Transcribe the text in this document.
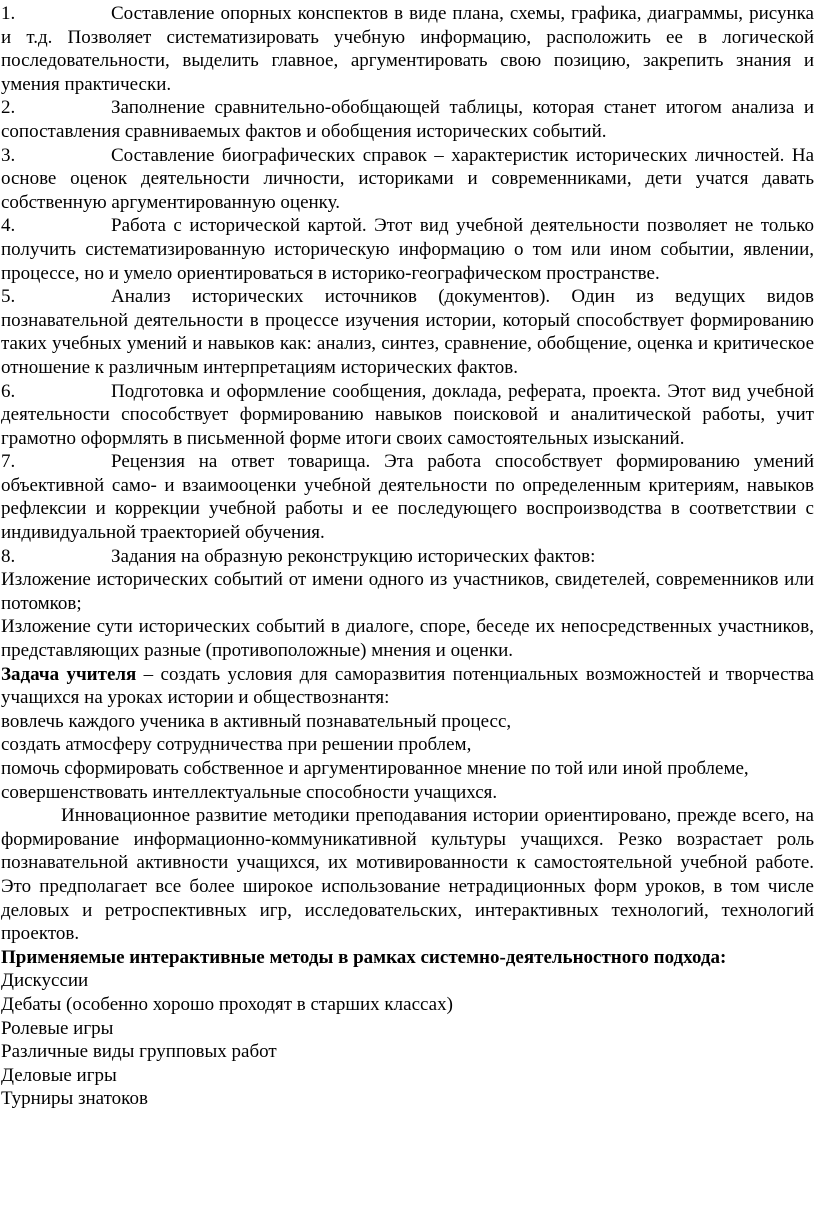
1.	Составление опорных конспектов в виде плана, схемы, графика, диаграммы, рисунка и т.д. Позволяет систематизировать учебную информацию, расположить ее в логической последовательности, выделить главное, аргументировать свою позицию, закрепить знания и умения практически.

2.	Заполнение сравнительно-обобщающей таблицы, которая станет итогом анализа и сопоставления сравниваемых фактов и обобщения исторических событий.

3.	Составление биографических справок – характеристик исторических личностей. На основе оценок деятельности личности, историками и современниками, дети учатся давать собственную аргументированную оценку.

4.	Работа с исторической картой. Этот вид учебной деятельности позволяет не только получить систематизированную историческую информацию о том или ином событии, явлении, процессе, но и умело ориентироваться в историко-географическом пространстве.

5.	Анализ исторических источников (документов). Один из ведущих видов познавательной деятельности в процессе изучения истории, который способствует формированию таких учебных умений и навыков как: анализ, синтез, сравнение, обобщение, оценка и критическое отношение к различным интерпретациям исторических фактов.

6.	Подготовка и оформление сообщения, доклада, реферата, проекта. Этот вид учебной деятельности способствует формированию навыков поисковой и аналитической работы, учит грамотно оформлять в письменной форме итоги своих самостоятельных изысканий.

7.	Рецензия на ответ товарища. Эта работа способствует формированию умений объективной само- и взаимооценки учебной деятельности по определенным критериям, навыков рефлексии и коррекции учебной работы и ее последующего воспроизводства в соответствии с индивидуальной траекторией обучения.

8.	Задания на образную реконструкцию исторических фактов:

Изложение исторических событий от имени одного из участников, свидетелей, современников или потомков;

Изложение сути исторических событий в диалоге, споре, беседе их непосредственных участников, представляющих разные (противоположные) мнения и оценки.

Задача учителя – создать условия для саморазвития потенциальных возможностей и творчества учащихся на уроках истории и обществознантя:

вовлечь каждого ученика в активный познавательный процесс,

создать атмосферу сотрудничества при решении проблем,

помочь сформировать собственное и аргументированное мнение по той или иной проблеме,

совершенствовать интеллектуальные способности учащихся.

Инновационное развитие методики преподавания истории ориентировано, прежде всего, на формирование информационно-коммуникативной культуры учащихся. Резко возрастает роль познавательной активности учащихся, их мотивированности к самостоятельной учебной работе. Это предполагает все более широкое использование нетрадиционных форм уроков, в том числе деловых и ретроспективных игр, исследовательских, интерактивных технологий, технологий проектов.

Применяемые интерактивные методы в рамках системно-деятельностного подхода:

Дискуссии

Дебаты (особенно хорошо проходят в старших классах)

Ролевые игры

Различные виды групповых работ

Деловые игры

Турниры знатоков
